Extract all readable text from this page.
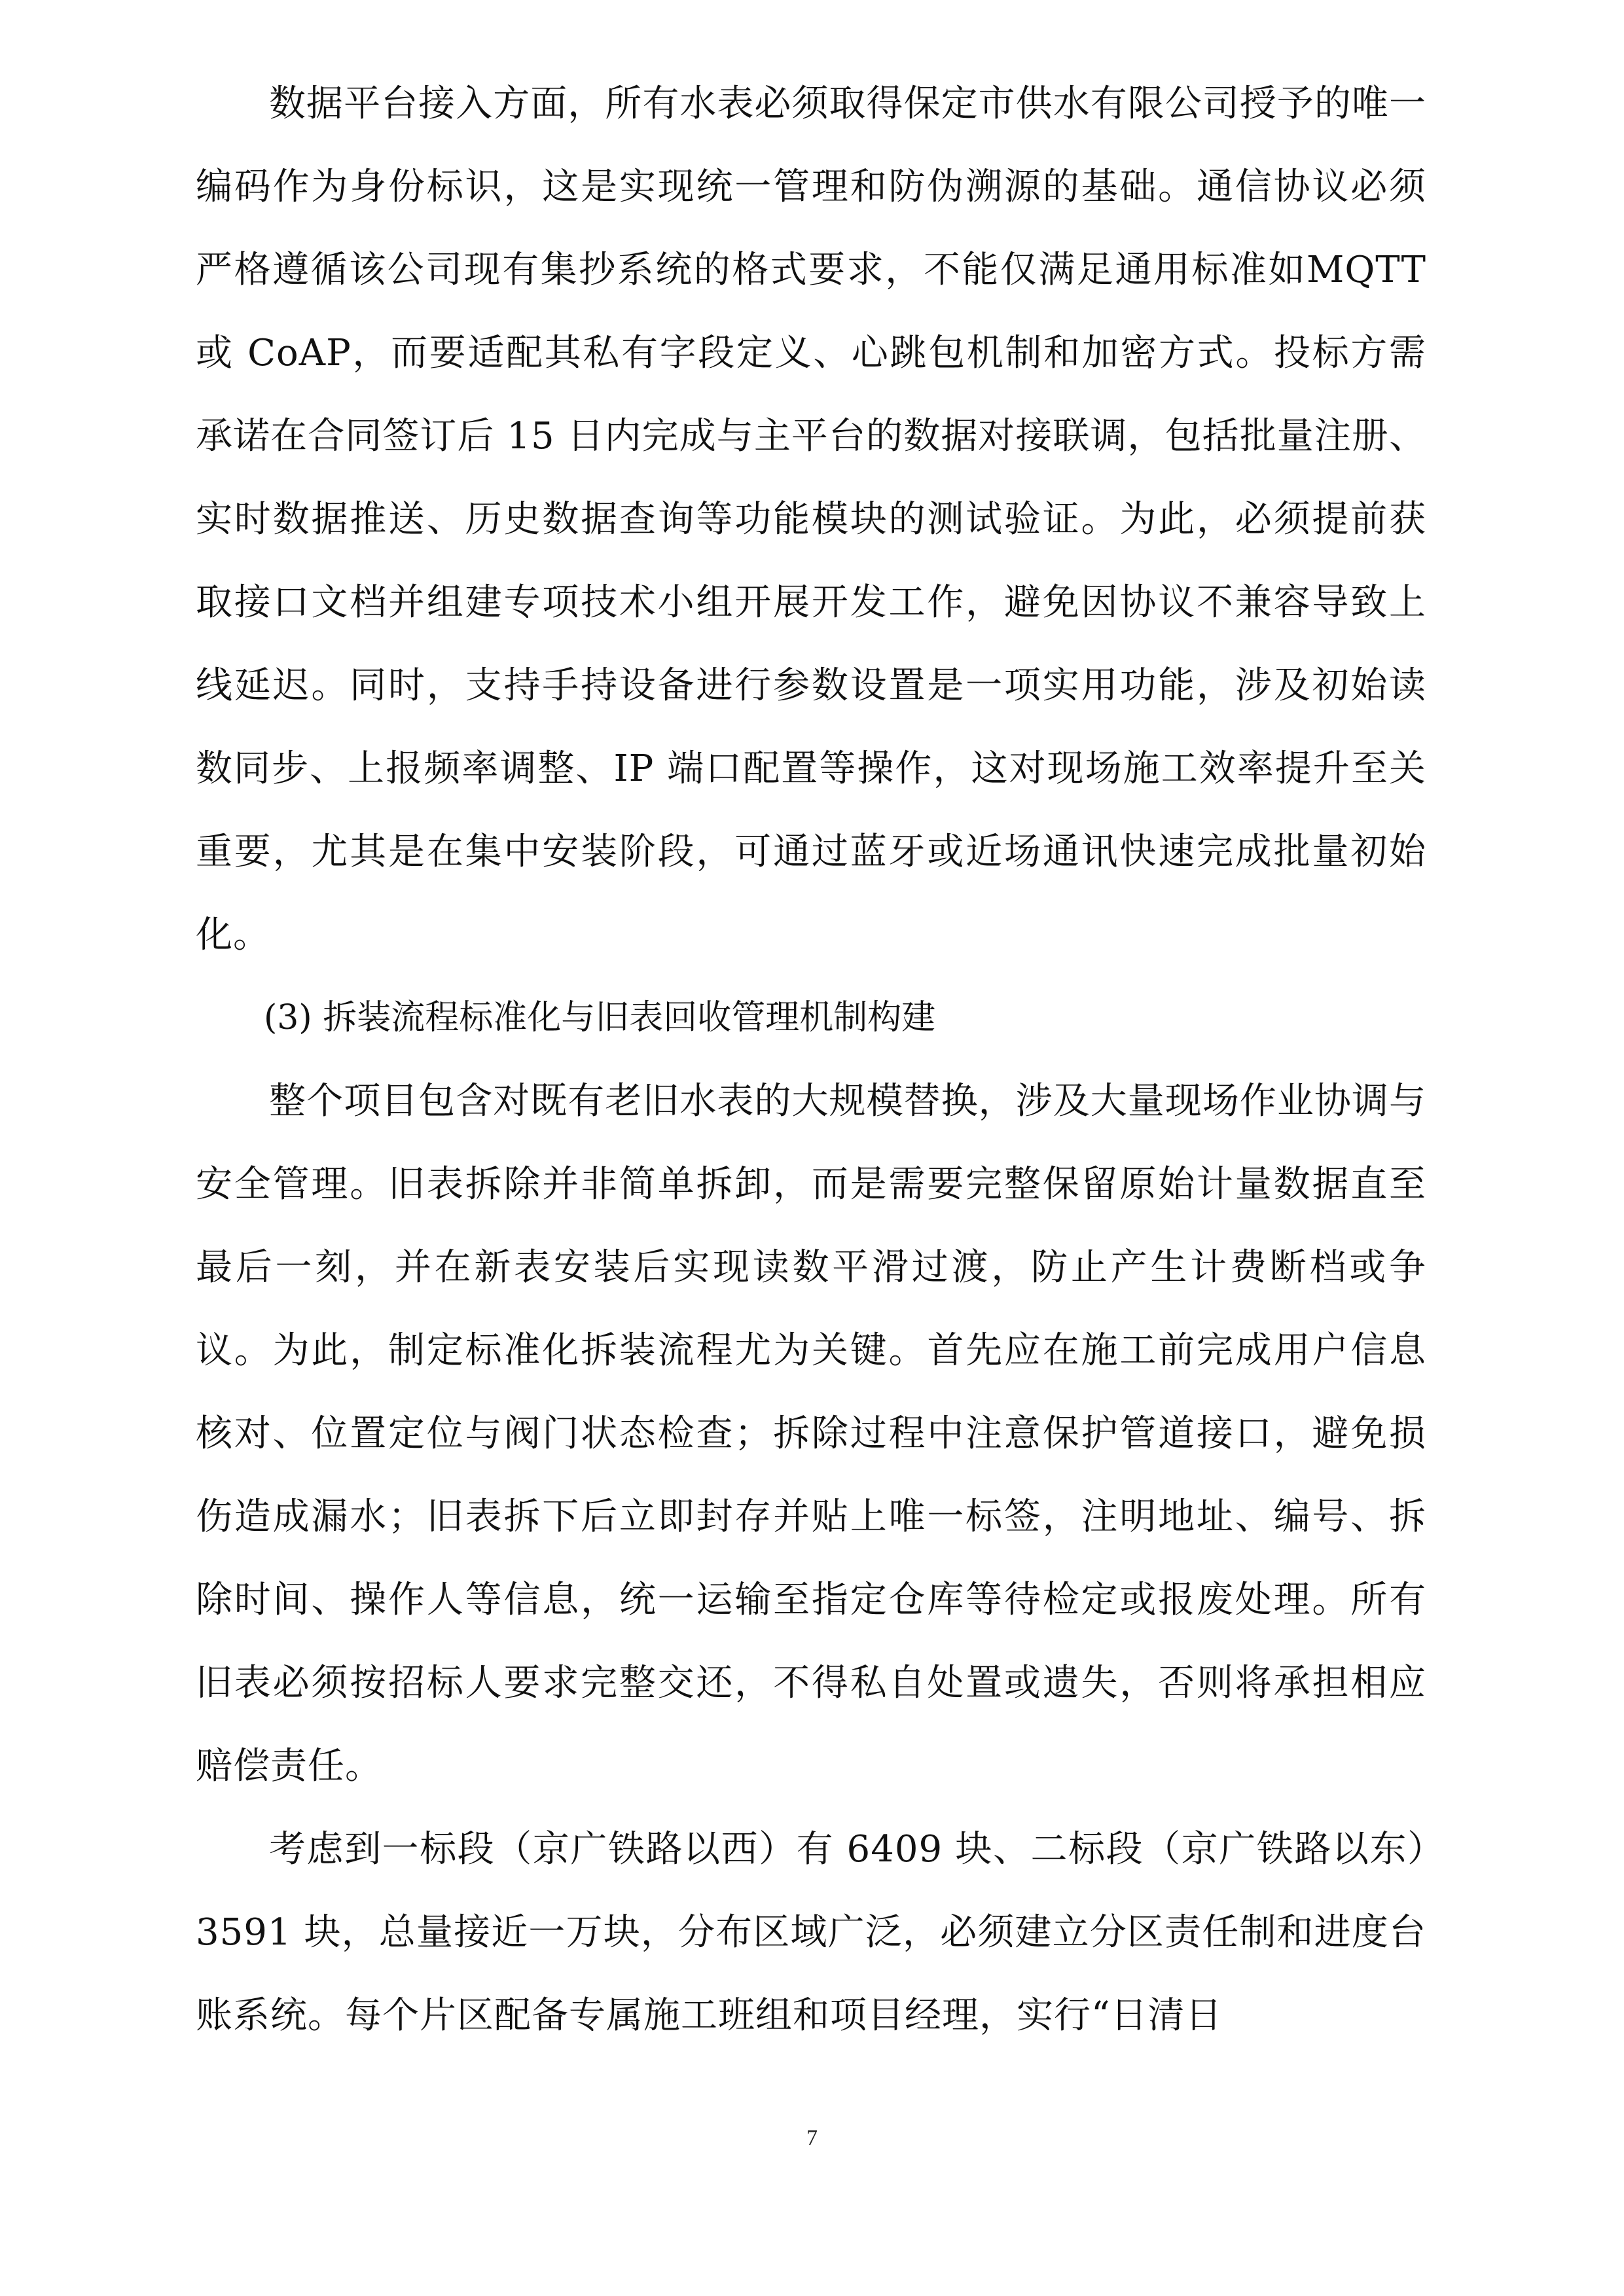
数据平台接入方面，所有水表必须取得保定市供水有限公司授予的唯一编码作为身份标识，这是实现统一管理和防伪溯源的基础。通信协议必须严格遵循该公司现有集抄系统的格式要求，不能仅满足通用标准如MQTT 或 CoAP，而要适配其私有字段定义、心跳包机制和加密方式。投标方需承诺在合同签订后 15 日内完成与主平台的数据对接联调，包括批量注册、实时数据推送、历史数据查询等功能模块的测试验证。为此，必须提前获取接口文档并组建专项技术小组开展开发工作，避免因协议不兼容导致上线延迟。同时，支持手持设备进行参数设置是一项实用功能，涉及初始读数同步、上报频率调整、IP 端口配置等操作，这对现场施工效率提升至关重要，尤其是在集中安装阶段，可通过蓝牙或近场通讯快速完成批量初始化。

(3) 拆装流程标准化与旧表回收管理机制构建

整个项目包含对既有老旧水表的大规模替换，涉及大量现场作业协调与安全管理。旧表拆除并非简单拆卸，而是需要完整保留原始计量数据直至最后一刻，并在新表安装后实现读数平滑过渡，防止产生计费断档或争议。为此，制定标准化拆装流程尤为关键。首先应在施工前完成用户信息核对、位置定位与阀门状态检查；拆除过程中注意保护管道接口，避免损伤造成漏水；旧表拆下后立即封存并贴上唯一标签，注明地址、编号、拆除时间、操作人等信息，统一运输至指定仓库等待检定或报废处理。所有旧表必须按招标人要求完整交还，不得私自处置或遗失，否则将承担相应赔偿责任。

考虑到一标段（京广铁路以西）有 6409 块、二标段（京广铁路以东）3591 块，总量接近一万块，分布区域广泛，必须建立分区责任制和进度台账系统。每个片区配备专属施工班组和项目经理，实行“日清日

7
